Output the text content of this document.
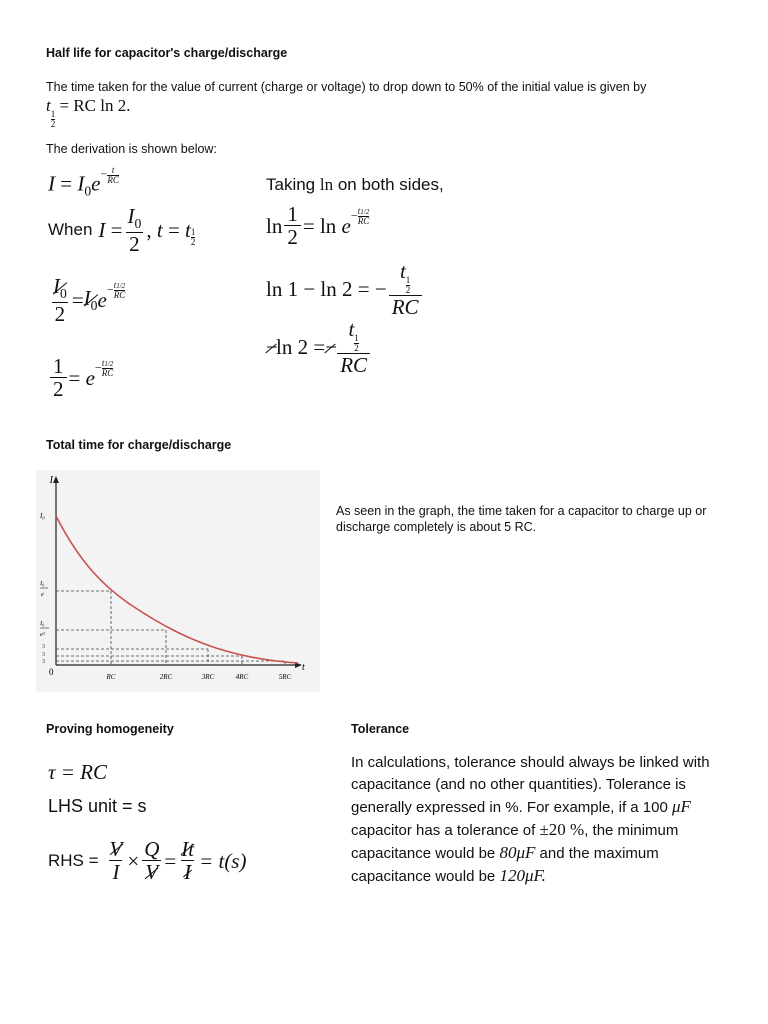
Half life for capacitor's charge/discharge
The time taken for the value of current (charge or voltage) to drop down to 50% of the initial value is given by
t
$\frac{1}{2}$
= RC ln 2.
The derivation is shown below:
$I = I_0e^{- \frac{t}{RC}}$
When $I = \frac{I_0}{2}$ , t = t $\frac{1}{2}$
$\frac{I_0}{2} = I_0$ $e - \frac{t1/2}{RC}$
$\frac{1}{2} = e - \frac{t1/2}{RC}$
Taking ln on both sides,
$\ln \frac{1}{2} = \ln e - \frac{t1/2}{RC}$
ln 1 − ln 2 = − t
$\frac{1}{2}$
RC
−
ln 2 = − t
$\frac{1}{2}$
RC
Total time for charge/discharge
I
t
0
I₀
I₀
e
I₀
e²
3
3
3
RC	2RC	3RC	4RC	5RC
As seen in the graph, the time taken for a capacitor to charge up or discharge completely is about 5 RC.
Proving homogeneity
τ = RC
LHS unit = s
RHS = $\frac{V}{I} \times \frac{Q}{V} = \frac{It}{I} = t(s)$
Tolerance
In calculations, tolerance should always be linked with capacitance (and no other quantities). Tolerance is generally expressed in %. For example, if a 100 μF capacitor has a tolerance of ±20 %, the minimum capacitance would be 80μF and the maximum capacitance would be 120μF.
